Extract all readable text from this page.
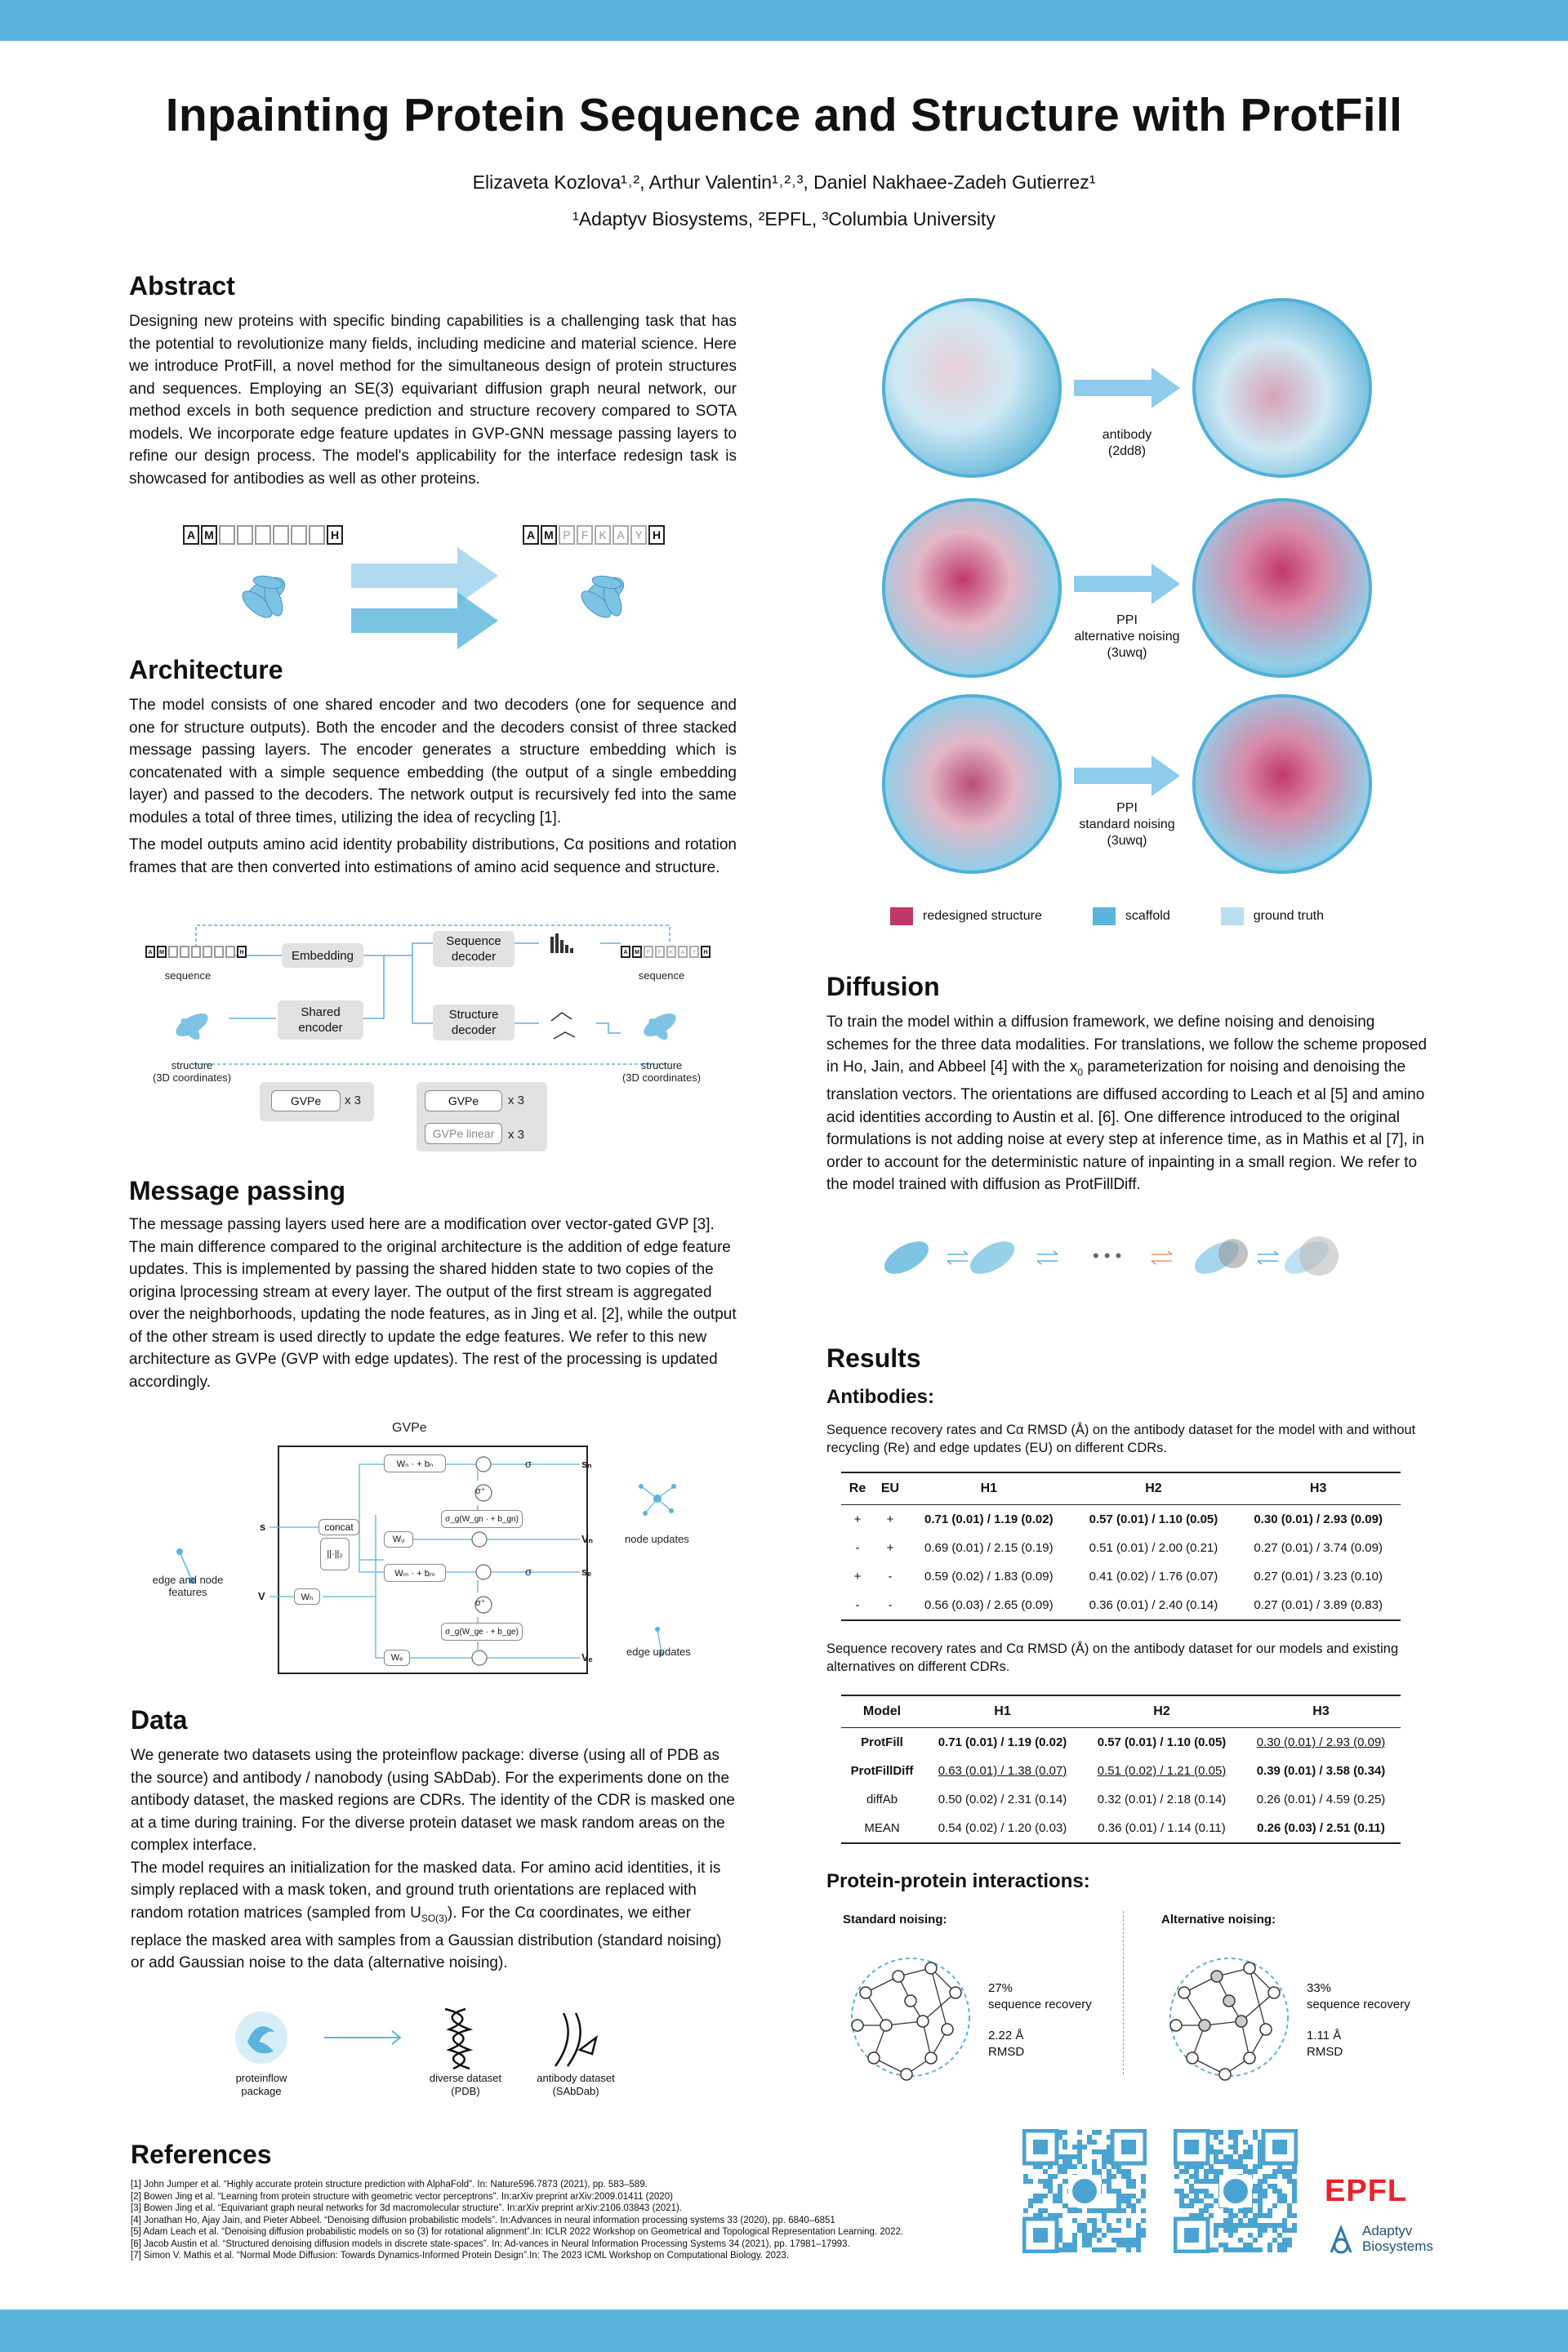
Inpainting Protein Sequence and Structure with ProtFill
Elizaveta Kozlova¹˒², Arthur Valentin¹˒²˒³, Daniel Nakhaee-Zadeh Gutierrez¹
¹Adaptyv Biosystems, ²EPFL, ³Columbia University
Abstract
Designing new proteins with specific binding capabilities is a challenging task that has the potential to revolutionize many fields, including medicine and material science. Here we introduce ProtFill, a novel method for the simultaneous design of protein structures and sequences. Employing an SE(3) equivariant diffusion graph neural network, our method excels in both sequence prediction and structure recovery compared to SOTA models. We incorporate edge feature updates in GVP-GNN message passing layers to refine our design process. The model's applicability for the interface redesign task is showcased for antibodies as well as other proteins.
A M	H	A M P F K A Y H
Architecture

The model consists of one shared encoder and two decoders (one for sequence and one for structure outputs). Both the encoder and the decoders consist of three stacked message passing layers. The encoder generates a structure embedding which is concatenated with a simple sequence embedding (the output of a single embedding layer) and passed to the decoders. The network output is recursively fed into the same modules a total of three times, utilizing the idea of recycling [1].

The model outputs amino acid identity probability distributions, Cα positions and rotation frames that are then converted into estimations of amino acid sequence and structure.

A	M	H
sequence
structure
(3D coordinates)
Embedding
Shared
encoder
Sequence
decoder
Structure
decoder
A	M	P	F	K	A	Y	H
sequence
structure
(3D coordinates)
GVPe	x 3	GVPe	x 3
GVPe linear	x 3
Message passing
The message passing layers used here are a modification over vector-gated GVP [3]. The main difference compared to the original architecture is the addition of edge feature updates. This is implemented by passing the shared hidden state to two copies of the origina lprocessing stream at every layer. The output of the first stream is aggregated over the neighborhoods, updating the node features, as in Jing et al. [2], while the output of the other stream is used directly to update the edge features. We refer to this new architecture as GVPe (GVP with edge updates). The rest of the processing is updated accordingly.
GVPe
edge and node
features
s
V
concat
Wₕ
||·||₂
Wₙ · + bₙ
σ⁺
σ_g(W_gn · + b_gn)
Wᵤ
Wₘ · + bₘ
σ⁺
σ_g(W_ge · + b_ge)
Wₑ
σ
σ
sₙ
Vₙ
sₑ
Vₑ
node updates
edge updates
Data

We generate two datasets using the proteinflow package: diverse (using all of PDB as the source) and antibody / nanobody (using SAbDab). For the experiments done on the antibody dataset, the masked regions are CDRs. The identity of the CDR is masked one at a time during training. For the diverse protein dataset we mask random areas on the complex interface.

The model requires an initialization for the masked data. For amino acid identities, it is simply replaced with a mask token, and ground truth orientations are replaced with random rotation matrices (sampled from $U_{SO(3)}$). For the Cα coordinates, we either replace the masked area with samples from a Gaussian distribution (standard noising) or add Gaussian noise to the data (alternative noising).

proteinflow
package
diverse dataset
(PDB)
antibody dataset
(SAbDab)
References
[1] John Jumper et al. “Highly accurate protein structure prediction with AlphaFold”. In: Nature596.7873 (2021), pp. 583–589.
[2] Bowen Jing et al. “Learning from protein structure with geometric vector perceptrons”. In:arXiv preprint arXiv:2009.01411 (2020)
[3] Bowen Jing et al. “Equivariant graph neural networks for 3d macromolecular structure”. In:arXiv preprint arXiv:2106.03843 (2021).
[4] Jonathan Ho, Ajay Jain, and Pieter Abbeel. “Denoising diffusion probabilistic models”. In:Advances in neural information processing systems 33 (2020), pp. 6840–6851
[5] Adam Leach et al. “Denoising diffusion probabilistic models on so (3) for rotational alignment”.In: ICLR 2022 Workshop on Geometrical and Topological Representation Learning. 2022.
[6] Jacob Austin et al. “Structured denoising diffusion models in discrete state-spaces”. In: Ad-vances in Neural Information Processing Systems 34 (2021), pp. 17981–17993.
[7] Simon V. Mathis et al. “Normal Mode Diffusion: Towards Dynamics-Informed Protein Design”.In: The 2023 ICML Workshop on Computational Biology. 2023.
antibody
(2dd8)
PPI
alternative noising
(3uwq)
PPI
standard noising
(3uwq)
redesigned structure	scaffold	ground truth
Diffusion
To train the model within a diffusion framework, we define noising and denoising schemes for the three data modalities. For translations, we follow the scheme proposed in Ho, Jain, and Abbeel [4] with the $x_0$ parameterization for noising and denoising the translation vectors. The orientations are diffused according to Leach et al [5] and amino acid identities according to Austin et al. [6]. One difference introduced to the original formulations is not adding noise at every step at inference time, as in Mathis et al [7], in order to account for the deterministic nature of inpainting in a small region. We refer to the model trained with diffusion as ProtFillDiff.
• • •
Results
Antibodies:
Sequence recovery rates and Cα RMSD (Å) on the antibody dataset for the model with and without recycling (Re) and edge updates (EU) on different CDRs.
Re	EU	H1	H2	H3
+	+	0.71 (0.01) / 1.19 (0.02)	0.57 (0.01) / 1.10 (0.05)	0.30 (0.01) / 2.93 (0.09)
-	+	0.69 (0.01) / 2.15 (0.19)	0.51 (0.01) / 2.00 (0.21)	0.27 (0.01) / 3.74 (0.09)
+	-	0.59 (0.02) / 1.83 (0.09)	0.41 (0.02) / 1.76 (0.07)	0.27 (0.01) / 3.23 (0.10)
-	-	0.56 (0.03) / 2.65 (0.09)	0.36 (0.01) / 2.40 (0.14)	0.27 (0.01) / 3.89 (0.83)
Sequence recovery rates and Cα RMSD (Å) on the antibody dataset for our models and existing alternatives on different CDRs.
Model	H1	H2	H3
ProtFill	0.71 (0.01) / 1.19 (0.02)	0.57 (0.01) / 1.10 (0.05)	0.30 (0.01) / 2.93 (0.09)
ProtFillDiff	0.63 (0.01) / 1.38 (0.07)	0.51 (0.02) / 1.21 (0.05)	0.39 (0.01) / 3.58 (0.34)
diffAb	0.50 (0.02) / 2.31 (0.14)	0.32 (0.01) / 2.18 (0.14)	0.26 (0.01) / 4.59 (0.25)
MEAN	0.54 (0.02) / 1.20 (0.03)	0.36 (0.01) / 1.14 (0.11)	0.26 (0.03) / 2.51 (0.11)
Protein-protein interactions:
Standard noising:	Alternative noising:
27%
sequence recovery
2.22 Å
RMSD
33%
sequence recovery
1.11 Å
RMSD
EPFL
Adaptyv
Biosystems
